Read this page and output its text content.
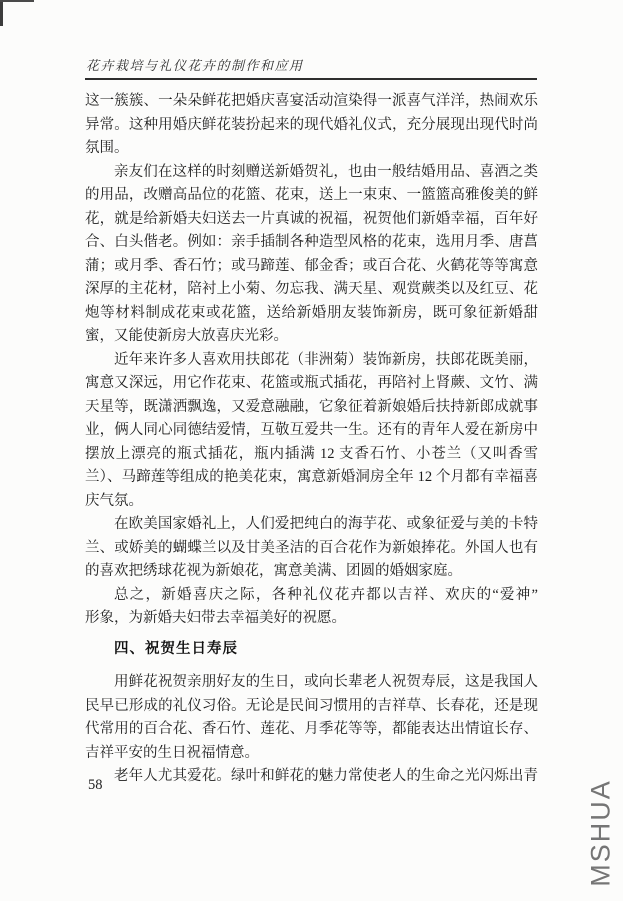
花卉栽培与礼仪花卉的制作和应用
这一簇簇、一朵朵鲜花把婚庆喜宴活动渲染得一派喜气洋洋，热闹欢乐
异常。这种用婚庆鲜花装扮起来的现代婚礼仪式，充分展现出现代时尚
氛围。
亲友们在这样的时刻赠送新婚贺礼，也由一般结婚用品、喜酒之类
的用品，改赠高品位的花篮、花束，送上一束束、一篮篮高雅俊美的鲜
花，就是给新婚夫妇送去一片真诚的祝福，祝贺他们新婚幸福，百年好
合、白头偕老。例如：亲手插制各种造型风格的花束，选用月季、唐菖
蒲；或月季、香石竹；或马蹄莲、郁金香；或百合花、火鹤花等等寓意
深厚的主花材，陪衬上小菊、勿忘我、满天星、观赏蕨类以及红豆、花
炮等材料制成花束或花篮，送给新婚朋友装饰新房，既可象征新婚甜
蜜，又能使新房大放喜庆光彩。
近年来许多人喜欢用扶郎花（非洲菊）装饰新房，扶郎花既美丽，
寓意又深远，用它作花束、花篮或瓶式插花，再陪衬上肾蕨、文竹、满
天星等，既潇洒飘逸，又爱意融融，它象征着新娘婚后扶持新郎成就事
业，俩人同心同德结爱情，互敬互爱共一生。还有的青年人爱在新房中
摆放上漂亮的瓶式插花，瓶内插满 12 支香石竹、小苍兰（又叫香雪
兰）、马蹄莲等组成的艳美花束，寓意新婚洞房全年 12 个月都有幸福喜
庆气氛。
在欧美国家婚礼上，人们爱把纯白的海芋花、或象征爱与美的卡特
兰、或娇美的蝴蝶兰以及甘美圣洁的百合花作为新娘捧花。外国人也有
的喜欢把绣球花视为新娘花，寓意美满、团圆的婚姻家庭。
总之，新婚喜庆之际，各种礼仪花卉都以吉祥、欢庆的“爱神”
形象，为新婚夫妇带去幸福美好的祝愿。
四、祝贺生日寿辰
用鲜花祝贺亲朋好友的生日，或向长辈老人祝贺寿辰，这是我国人
民早已形成的礼仪习俗。无论是民间习惯用的吉祥草、长春花，还是现
代常用的百合花、香石竹、莲花、月季花等等，都能表达出情谊长存、
吉祥平安的生日祝福情意。
老年人尤其爱花。绿叶和鲜花的魅力常使老人的生命之光闪烁出青
58	MSHUA
